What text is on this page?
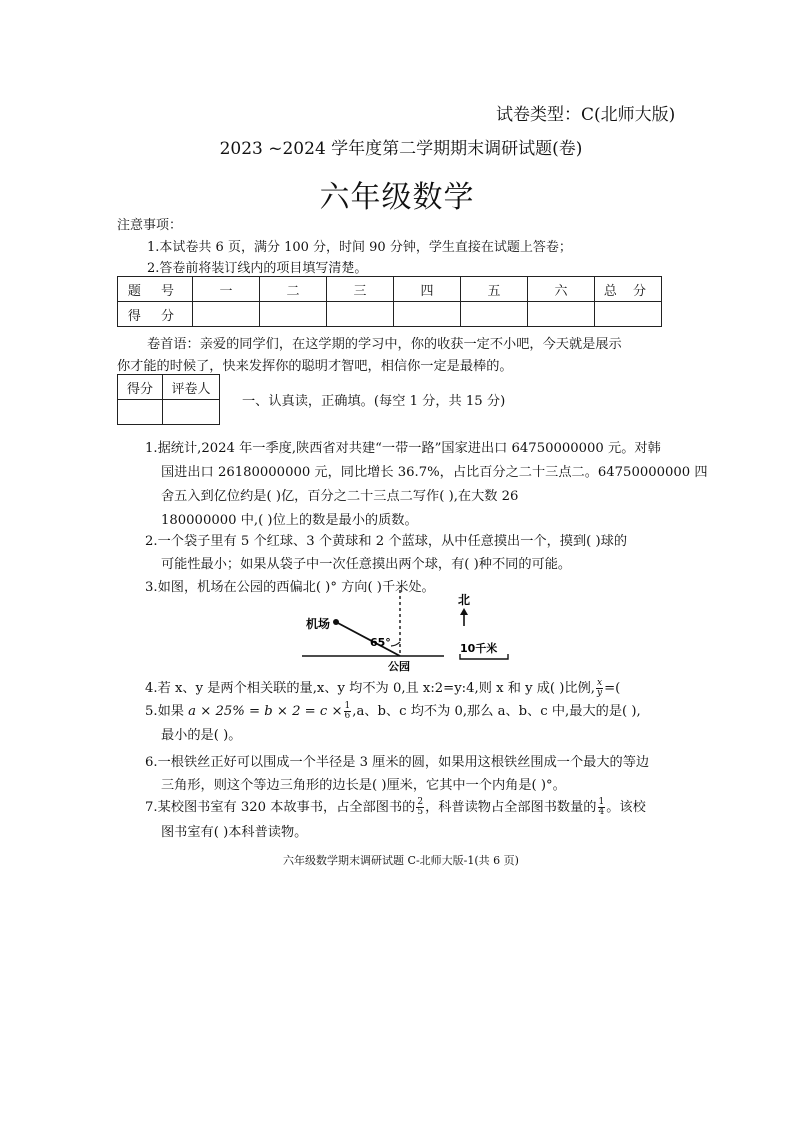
试卷类型：C(北师大版)
2023 ~2024 学年度第二学期期末调研试题(卷)
六年级数学
注意事项：
1.本试卷共 6 页，满分 100 分，时间 90 分钟，学生直接在试题上答卷；
2.答卷前将装订线内的项目填写清楚。
题 号	一	二	三	四	五	六	总 分
得 分							
卷首语：亲爱的同学们，在这学期的学习中，你的收获一定不小吧，今天就是展示
你才能的时候了，快来发挥你的聪明才智吧，相信你一定是最棒的。
得分	评卷人

一、认真读，正确填。(每空 1 分，共 15 分)
1.据统计,2024 年一季度,陕西省对共建“一带一路”国家进出口 64750000000 元。对韩
国进出口 26180000000 元，同比增长 36.7%，占比百分之二十三点二。64750000000 四
舍五入到亿位约是( )亿，百分之二十三点二写作( ),在大数 26
180000000 中,( )位上的数是最小的质数。
2.一个袋子里有 5 个红球、3 个黄球和 2 个蓝球，从中任意摸出一个，摸到( )球的
可能性最小；如果从袋子中一次任意摸出两个球，有( )种不同的可能。
3.如图，机场在公园的西偏北( )° 方向( )千米处。
机场
65°
公园
北
10千米
4.若 x、y 是两个相关联的量,x、y 均不为 0,且 x:2=y:4,则 x 和 y 成( )比例, $\frac{x}{y}$ =(
5.如果 $a \times 25\% = b \times 2 = c \times \frac{1}{6} ,a$、b、c 均不为 0,那么 a、b、c 中,最大的是( ),
最小的是( )。
6.一根铁丝正好可以围成一个半径是 3 厘米的圆，如果用这根铁丝围成一个最大的等边
三角形，则这个等边三角形的边长是( )厘米，它其中一个内角是( )°。
7.某校图书室有 320 本故事书，占全部图书的 $\frac{2}{5}$ ，科普读物占全部图书数量的 $\frac{1}{4}$ 。该校
图书室有( )本科普读物。
六年级数学期末调研试题 C-北师大版-1(共 6 页)
